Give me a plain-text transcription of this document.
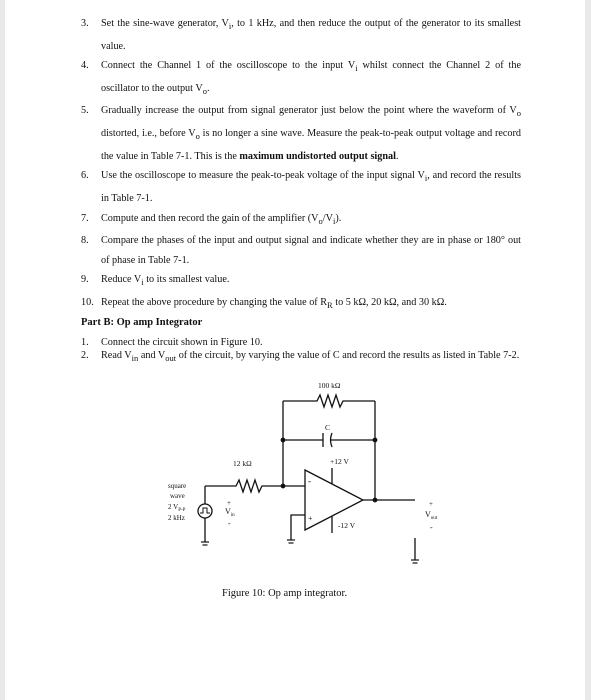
3. Set the sine-wave generator, $V_i$, to 1 kHz, and then reduce the output of the generator to its smallest value.
4. Connect the Channel 1 of the oscilloscope to the input $V_i$ whilst connect the Channel 2 of the oscillator to the output $V_o$.
5. Gradually increase the output from signal generator just below the point where the waveform of $V_o$ distorted, i.e., before $V_o$ is no longer a sine wave. Measure the peak-to-peak output voltage and record the value in Table 7-1. This is the maximum undistorted output signal.
6. Use the oscilloscope to measure the peak-to-peak voltage of the input signal $V_i$, and record the results in Table 7-1.
7. Compute and then record the gain of the amplifier $(V_o/V_i)$.
8. Compare the phases of the input and output signal and indicate whether they are in phase or 180° out of phase in Table 7-1.
9. Reduce $V_i$ to its smallest value.
10. Repeat the above procedure by changing the value of $R_R$ to 5 kΩ, 20 kΩ, and 30 kΩ.
Part B: Op amp Integrator
1. Connect the circuit shown in Figure 10.
2. Read $V_{in}$ and $V_{out}$ of the circuit, by varying the value of C and record the results as listed in Table 7-2.
100 kΩ
C
12 kΩ	+12 V
-12 V
-
+
square
wave
2 $V_{P-P}$
2 kHz
+
$V_{in}$
-
+
$V_{out}$
-
Figure 10: Op amp integrator.
